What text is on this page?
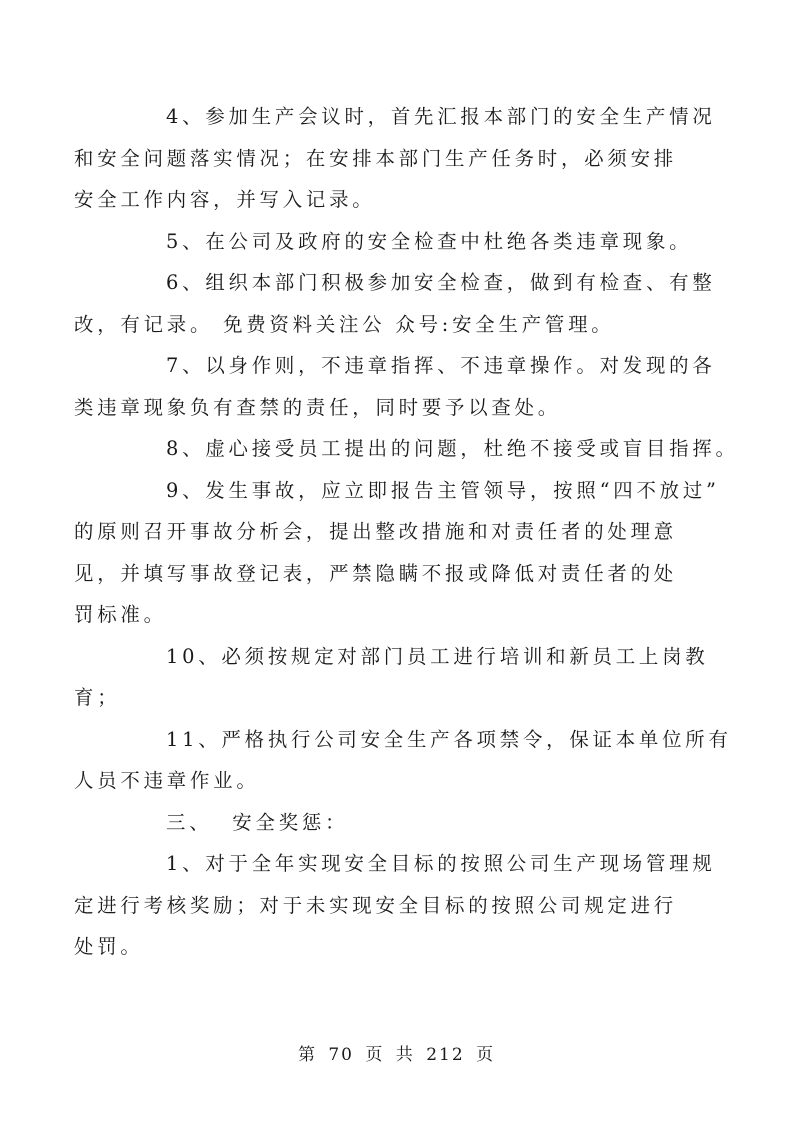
4、参加生产会议时，首先汇报本部门的安全生产情况
和安全问题落实情况；在安排本部门生产任务时，必须安排
安全工作内容，并写入记录。

5、在公司及政府的安全检查中杜绝各类违章现象。

6、组织本部门积极参加安全检查，做到有检查、有整
改，有记录。 免费资料关注公 众号:安全生产管理。

7、以身作则，不违章指挥、不违章操作。对发现的各
类违章现象负有查禁的责任，同时要予以查处。

8、虚心接受员工提出的问题，杜绝不接受或盲目指挥。

9、发生事故，应立即报告主管领导，按照“四不放过”
的原则召开事故分析会，提出整改措施和对责任者的处理意
见，并填写事故登记表，严禁隐瞒不报或降低对责任者的处
罚标准。

10、必须按规定对部门员工进行培训和新员工上岗教
育；

11、严格执行公司安全生产各项禁令，保证本单位所有
人员不违章作业。

三、  安全奖惩：

1、对于全年实现安全目标的按照公司生产现场管理规
定进行考核奖励；对于未实现安全目标的按照公司规定进行
处罚。

第 70 页 共 212 页
